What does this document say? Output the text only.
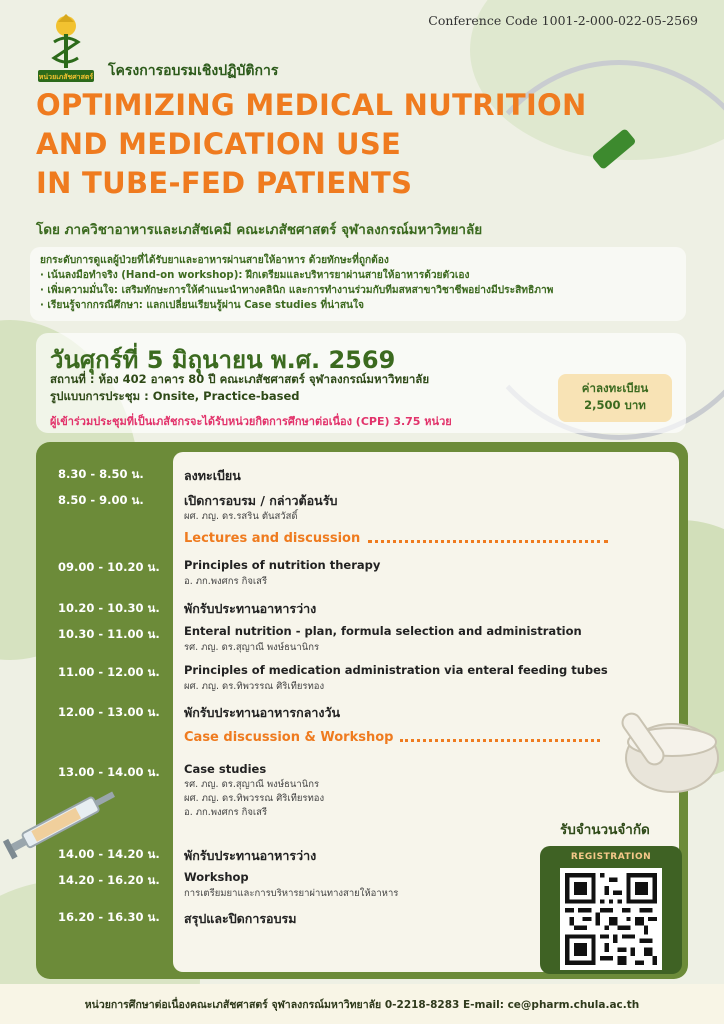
Conference Code 1001-2-000-022-05-2569
หน่วยเภสัชศาสตร์ โครงการอบรมเชิงปฏิบัติการ
OPTIMIZING MEDICAL NUTRITION
AND MEDICATION USE
IN TUBE-FED PATIENTS
โดย ภาควิชาอาหารและเภสัชเคมี คณะเภสัชศาสตร์ จุฬาลงกรณ์มหาวิทยาลัย
ยกระดับการดูแลผู้ป่วยที่ได้รับยาและอาหารผ่านสายให้อาหาร ด้วยทักษะที่ถูกต้อง
· เน้นลงมือทำจริง (Hand-on workshop): ฝึกเตรียมและบริหารยาผ่านสายให้อาหารด้วยตัวเอง
· เพิ่มความมั่นใจ: เสริมทักษะการให้คำแนะนำทางคลินิก และการทำงานร่วมกับทีมสหสาขาวิชาชีพอย่างมีประสิทธิภาพ
· เรียนรู้จากกรณีศึกษา: แลกเปลี่ยนเรียนรู้ผ่าน Case studies ที่น่าสนใจ
วันศุกร์ที่ 5 มิถุนายน พ.ศ. 2569
สถานที่ : ห้อง 402 อาคาร 80 ปี คณะเภสัชศาสตร์ จุฬาลงกรณ์มหาวิทยาลัย
รูปแบบการประชุม : Onsite, Practice-based
ผู้เข้าร่วมประชุมที่เป็นเภสัชกรจะได้รับหน่วยกิตการศึกษาต่อเนื่อง (CPE) 3.75 หน่วย
ค่าลงทะเบียน
2,500 บาท
8.30 - 8.50 น.	ลงทะเบียน
8.50 - 9.00 น.	เปิดการอบรม / กล่าวต้อนรับ
ผศ. ภญ. ดร.รสริน ตันสวัสดิ์
Lectures and discussion
09.00 - 10.20 น.	Principles of nutrition therapy
อ. ภก.พงศกร กิจเสรี
10.20 - 10.30 น.	พักรับประทานอาหารว่าง
10.30 - 11.00 น.	Enteral nutrition - plan, formula selection and administration
รศ. ภญ. ดร.สุญาณี พงษ์ธนานิกร
11.00 - 12.00 น.	Principles of medication administration via enteral feeding tubes
ผศ. ภญ. ดร.ทิพวรรณ ศิริเทียรทอง
12.00 - 13.00 น.	พักรับประทานอาหารกลางวัน
Case discussion & Workshop
13.00 - 14.00 น.	Case studies
รศ. ภญ. ดร.สุญาณี พงษ์ธนานิกร
ผศ. ภญ. ดร.ทิพวรรณ ศิริเทียรทอง
อ. ภก.พงศกร กิจเสรี
14.00 - 14.20 น.	พักรับประทานอาหารว่าง
14.20 - 16.20 น.	Workshop
การเตรียมยาและการบริหารยาผ่านทางสายให้อาหาร
16.20 - 16.30 น.	สรุปและปิดการอบรม
รับจำนวนจำกัด
REGISTRATION
หน่วยการศึกษาต่อเนื่องคณะเภสัชศาสตร์ จุฬาลงกรณ์มหาวิทยาลัย 0-2218-8283 E-mail: ce@pharm.chula.ac.th
